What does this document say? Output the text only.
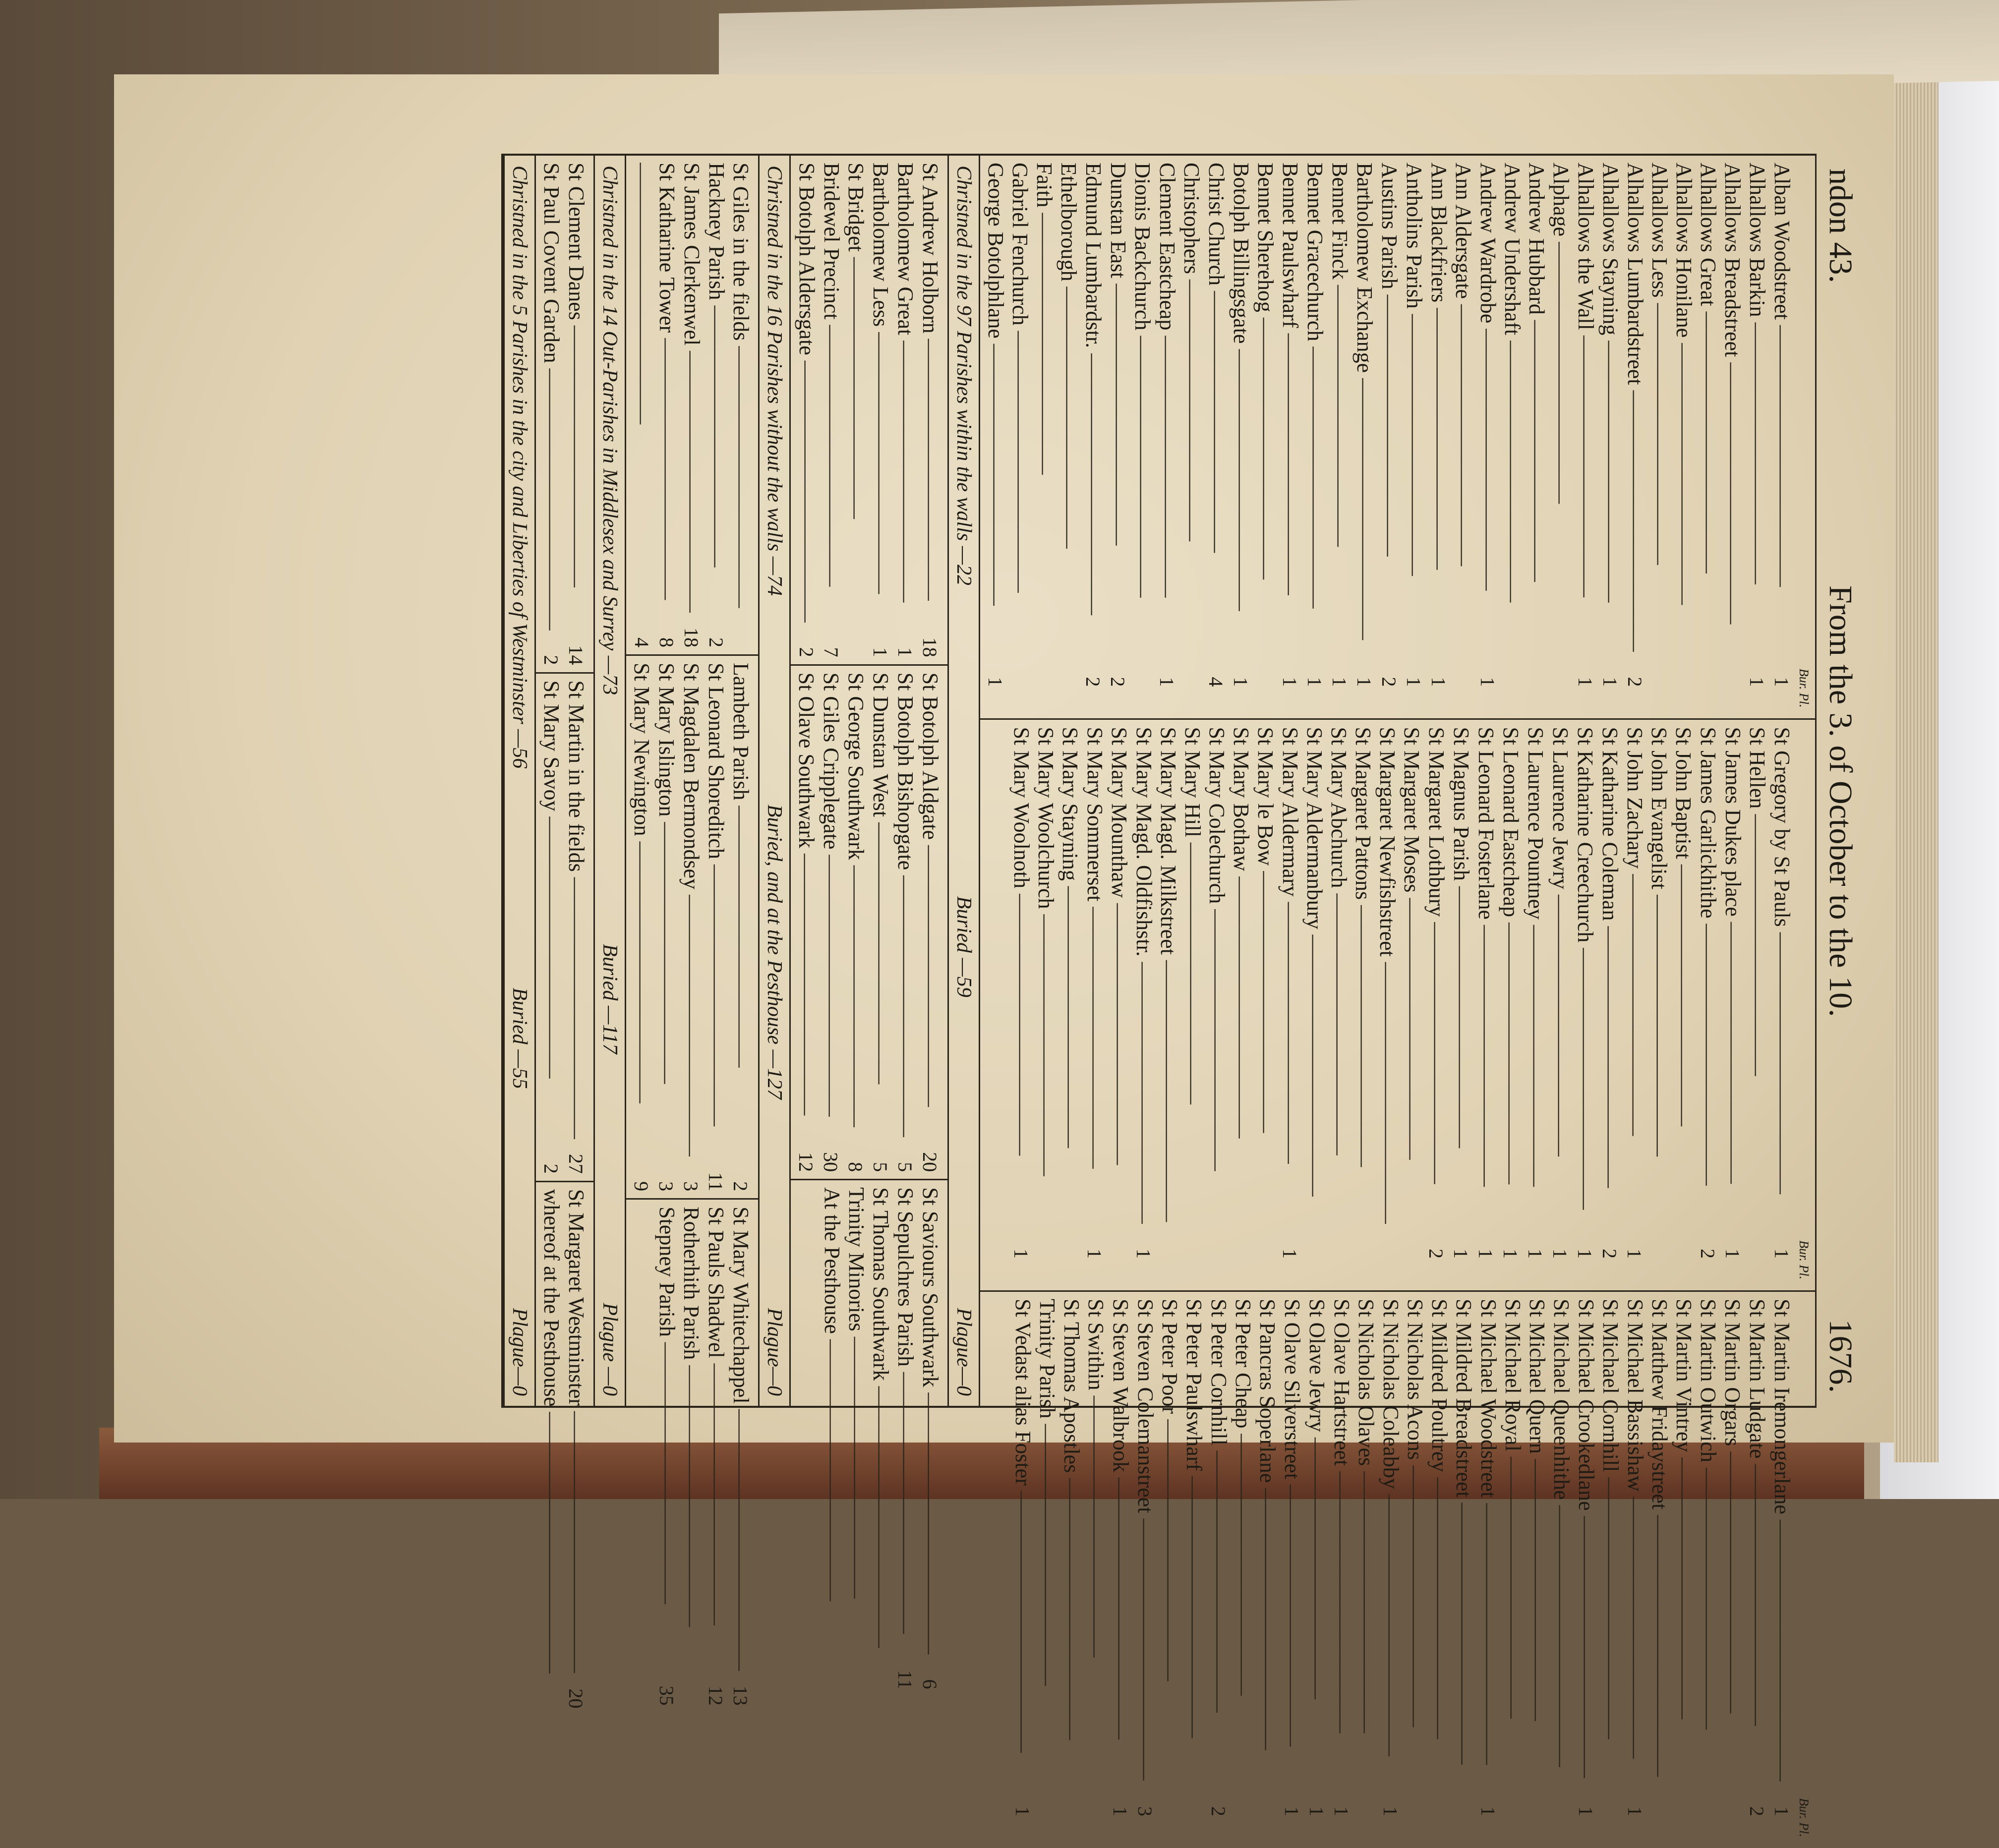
ndon 43.
From the 3. of October to the 10.
1676.
Bur. Pl.
Alban Woodstreet —————
1
Alhallows Barkin —————
1
Alhallows Breadstreet —————
Alhallows Great —————
Alhallows Honilane —————
Alhallows Less —————
Alhallows Lumbardstreet —————
2
Alhallows Stayning —————
1
Alhallows the Wall —————
1
Alphage —————
Andrew Hubbard —————
Andrew Undershaft —————
Andrew Wardrobe —————
1
Ann Aldersgate —————
Ann Blackfriers —————
1
Antholins Parish —————
1
Austins Parish —————
2
Bartholomew Exchange —————
1
Bennet Finck —————
1
Bennet Gracechurch —————
1
Bennet Paulswharf —————
1
Bennet Sherehog —————
Botolph Billingsgate —————
1
Christ Church —————
4
Christophers —————
Clement Eastcheap —————
1
Dionis Backchurch —————
Dunstan East —————
2
Edmund Lumbardstr. —————
2
Ethelborough —————
Faith —————
Gabriel Fenchurch —————
George Botolphlane —————
1
Bur. Pl.
St Gregory by St Pauls —————
1
St Hellen —————
St James Dukes place —————
1
St James Garlickhithe —————
2
St John Baptist —————
St John Evangelist —————
St John Zachary —————
1
St Katharine Coleman —————
2
St Katharine Creechurch —————
1
St Laurence Jewry —————
1
St Laurence Pountney —————
1
St Leonard Eastcheap —————
1
St Leonard Fosterlane —————
1
St Magnus Parish —————
1
St Margaret Lothbury —————
2
St Margaret Moses —————
St Margaret Newfishstreet —————
St Margaret Pattons —————
St Mary Abchurch —————
St Mary Aldermanbury —————
St Mary Aldermary —————
1
St Mary le Bow —————
St Mary Bothaw —————
St Mary Colechurch —————
St Mary Hill —————
St Mary Magd. Milkstreet —————
St Mary Magd. Oldfishstr. —————
1
St Mary Mounthaw —————
St Mary Sommerset —————
1
St Mary Stayning —————
St Mary Woolchurch —————
St Mary Woolnoth —————
1
Bur. Pl.
St Martin Iremongerlane —————
1
St Martin Ludgate —————
2
St Martin Orgars —————
St Martin Outwich —————
St Martin Vintrey —————
St Matthew Fridaystreet —————
St Michael Bassishaw —————
1
St Michael Cornhill —————
St Michael Crookedlane —————
1
St Michael Queenhithe —————
St Michael Quern —————
St Michael Royal —————
St Michael Woodstreet —————
1
St Mildred Breadstreet —————
St Mildred Poultrey —————
St Nicholas Acons —————
St Nicholas Coleabby —————
1
St Nicholas Olaves —————
St Olave Hartstreet —————
1
St Olave Jewry —————
1
St Olave Silverstreet —————
1
St Pancras Soperlane —————
St Peter Cheap —————
St Peter Cornhill —————
2
St Peter Paulswharf —————
St Peter Poor —————
St Steven Colemanstreet —————
3
St Steven Walbrook —————
1
St Swithin —————
St Thomas Apostles —————
Trinity Parish —————
St Vedast alias Foster —————
1
Christned in the 97 Parishes within the walls —22
Buried —59
Plague—0
St Andrew Holborn —————
18
Bartholomew Great —————
1
Bartholomew Less —————
1
St Bridget —————
Bridewel Precinct —————
7
St Botolph Aldersgate —————
2
St Botolph Aldgate —————
20
St Botolph Bishopgate —————
5
St Dunstan West —————
5
St George Southwark —————
8
St Giles Cripplegate —————
30
St Olave Southwark —————
12
St Saviours Southwark —————
6
St Sepulchres Parish —————
11
St Thomas Southwark —————
Trinity Minories —————
At the Pesthouse —————
Christned in the 16 Parishes without the walls —74
Buried, and at the Pesthouse —127
Plague—0
St Giles in the fields —————
Hackney Parish —————
2
St James Clerkenwel —————
18
St Katharine Tower —————
8
—————
4
Lambeth Parish —————
2
St Leonard Shoreditch —————
11
St Magdalen Bermondsey —————
3
St Mary Islington —————
3
St Mary Newington —————
9
St Mary Whitechappel —————
13
St Pauls Shadwel —————
12
Rotherhith Parish —————
Stepney Parish —————
35
Christned in the 14 Out-Parishes in Middlesex and Surrey —73
Buried —117
Plague —0
St Clement Danes —————
14
St Paul Covent Garden —————
2
St Martin in the fields —————
27
St Mary Savoy —————
2
St Margaret Westminster —————
20
whereof at the Pesthouse —————
Christned in the 5 Parishes in the city and Liberties of Westminster —56
Buried —55
Plague—0
